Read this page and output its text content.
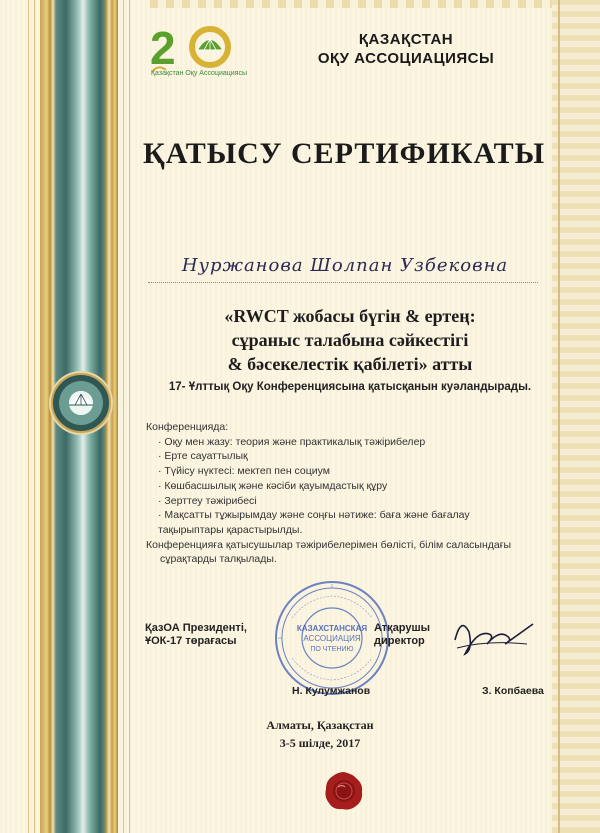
2
Қазақстан Оқу Ассоциациясы
ҚАЗАҚСТАН
ОҚУ АССОЦИАЦИЯСЫ
ҚАТЫСУ СЕРТИФИКАТЫ
Нуржанова Шолпан Узбековна
«RWCT жобасы бүгін & ертең:
сұраныс талабына сәйкестігі
& бәсекелестік қабілеті» атты
17- Ұлттық Оқу Конференциясына қатысқанын куәландырады.
Конференцияда:
· Оқу мен жазу: теория және практикалық тәжірибелер
· Ерте сауаттылық
· Түйісу нүктесі: мектеп пен социум
· Көшбасшылық және кәсіби қауымдастық құру
· Зерттеу тәжірибесі
· Мақсатты тұжырымдау және соңғы нәтиже: баға және бағалау
тақырыптары қарастырылды.
Конференцияға қатысушылар тәжірибелерімен бөлісті, білім саласындағы
сұрақтарды талқылады.
КАЗАХСТАНСКАЯ
АССОЦИАЦИЯ
ПО ЧТЕНИЮ
ҚазОА Президенті,
ҰОК-17 төрағасы
Н. Кулумжанов
Атқарушы
директор
З. Копбаева
Алматы, Қазақстан
3-5 шілде, 2017
